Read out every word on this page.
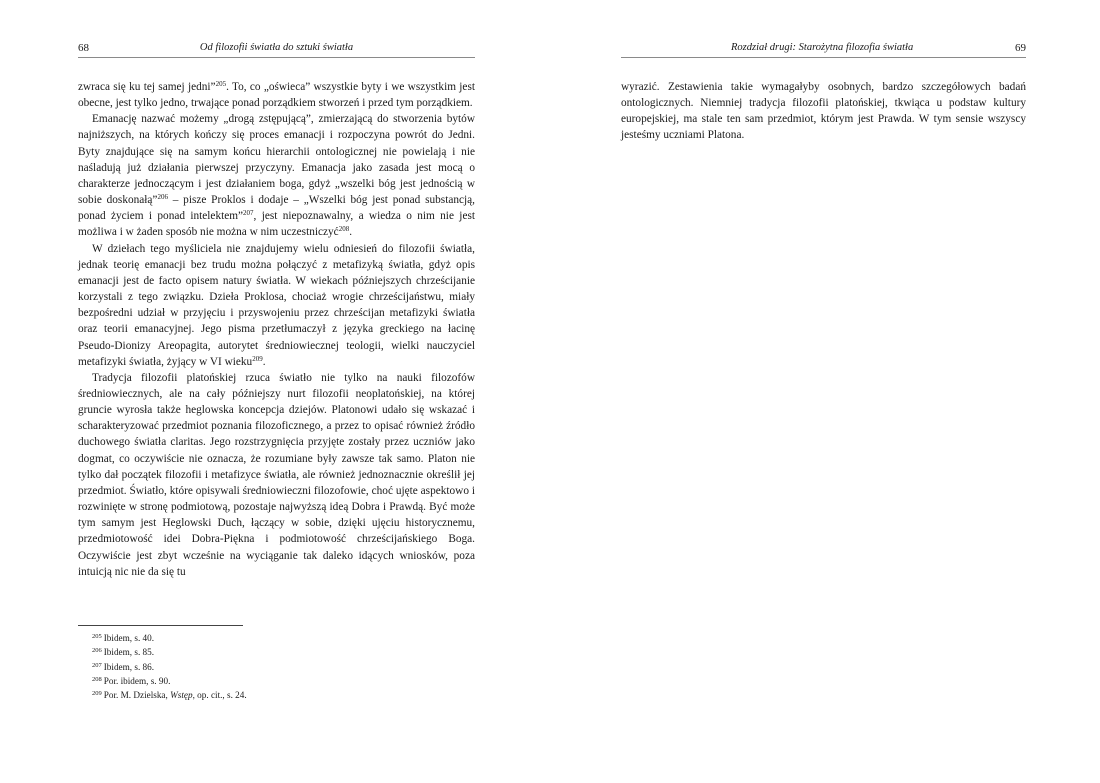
68	Od filozofii światła do sztuki światła

zwraca się ku tej samej jedni”$^{205}$. To, co „oświeca” wszystkie byty i we wszystkim jest obecne, jest tylko jedno, trwające ponad porządkiem stworzeń i przed tym porządkiem.

Emanację nazwać możemy „drogą zstępującą”, zmierzającą do stworzenia bytów najniższych, na których kończy się proces emanacji i rozpoczyna powrót do Jedni. Byty znajdujące się na samym końcu hierarchii ontologicznej nie powielają i nie naśladują już działania pierwszej przyczyny. Emanacja jako zasada jest mocą o charakterze jednoczącym i jest działaniem boga, gdyż „wszelki bóg jest jednością w sobie doskonałą”$^{206}$ – pisze Proklos i dodaje – „Wszelki bóg jest ponad substancją, ponad życiem i ponad intelektem”$^{207}$, jest niepoznawalny, a wiedza o nim nie jest możliwa i w żaden sposób nie można w nim uczestniczyć$^{208}$.

W dziełach tego myśliciela nie znajdujemy wielu odniesień do filozofii światła, jednak teorię emanacji bez trudu można połączyć z metafizyką światła, gdyż opis emanacji jest de facto opisem natury światła. W wiekach późniejszych chrześcijanie korzystali z tego związku. Dzieła Proklosa, chociaż wrogie chrześcijaństwu, miały bezpośredni udział w przyjęciu i przyswojeniu przez chrześcijan metafizyki światła oraz teorii emanacyjnej. Jego pisma przetłumaczył z języka greckiego na łacinę Pseudo-Dionizy Areopagita, autorytet średniowiecznej teologii, wielki nauczyciel metafizyki światła, żyjący w VI wieku$^{209}$.

Tradycja filozofii platońskiej rzuca światło nie tylko na nauki filozofów średniowiecznych, ale na cały późniejszy nurt filozofii neoplatońskiej, na której gruncie wyrosła także heglowska koncepcja dziejów. Platonowi udało się wskazać i scharakteryzować przedmiot poznania filozoficznego, a przez to opisać również źródło duchowego światła claritas. Jego rozstrzygnięcia przyjęte zostały przez uczniów jako dogmat, co oczywiście nie oznacza, że rozumiane były zawsze tak samo. Platon nie tylko dał początek filozofii i metafizyce światła, ale również jednoznacznie określił jej przedmiot. Światło, które opisywali średniowieczni filozofowie, choć ujęte aspektowo i rozwinięte w stronę podmiotową, pozostaje najwyższą ideą Dobra i Prawdą. Być może tym samym jest Heglowski Duch, łączący w sobie, dzięki ujęciu historycznemu, przedmiotowość idei Dobra-Piękna i podmiotowość chrześcijańskiego Boga. Oczywiście jest zbyt wcześnie na wyciąganie tak daleko idących wniosków, poza intuicją nic nie da się tu

$^{205}$ Ibidem, s. 40.
$^{206}$ Ibidem, s. 85.
$^{207}$ Ibidem, s. 86.
$^{208}$ Por. ibidem, s. 90.
$^{209}$ Por. M. Dzielska, Wstęp, op. cit., s. 24.
Rozdział drugi: Starożytna filozofia światła	69

wyrazić. Zestawienia takie wymagałyby osobnych, bardzo szczegółowych badań ontologicznych. Niemniej tradycja filozofii platońskiej, tkwiąca u podstaw kultury europejskiej, ma stale ten sam przedmiot, którym jest Prawda. W tym sensie wszyscy jesteśmy uczniami Platona.
